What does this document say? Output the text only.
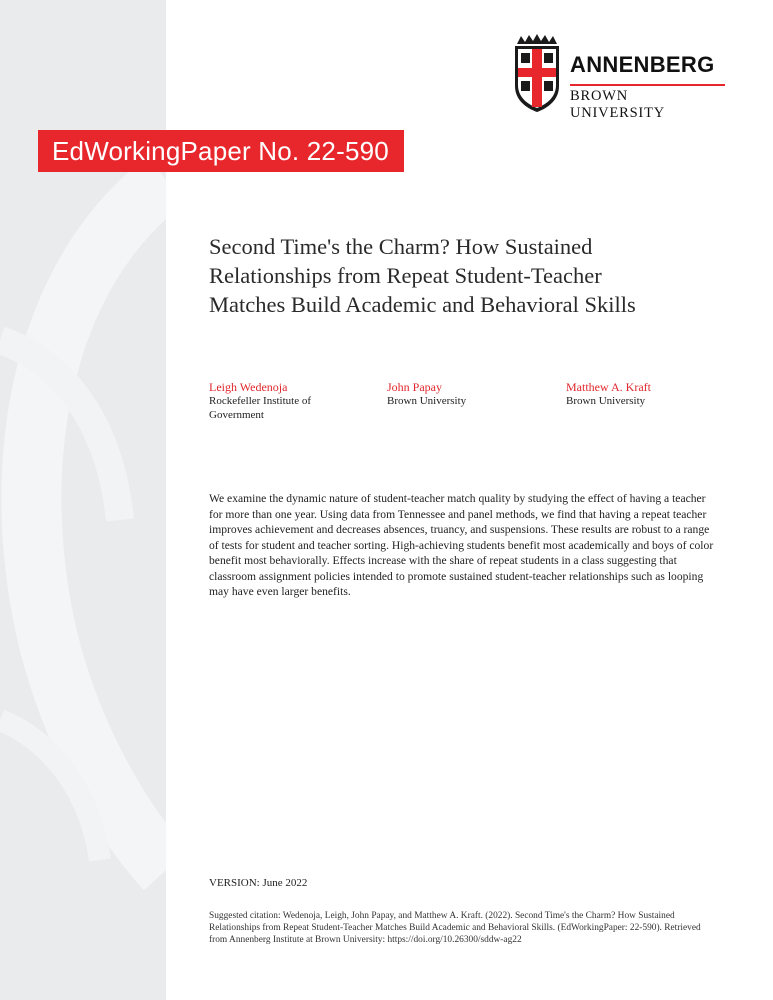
ANNENBERG
BROWN UNIVERSITY
EdWorkingPaper No. 22-590
Second Time's the Charm? How Sustained
Relationships from Repeat Student-Teacher
Matches Build Academic and Behavioral Skills
Leigh Wedenoja
Rockefeller Institute of
Government
John Papay
Brown University
Matthew A. Kraft
Brown University
We examine the dynamic nature of student-teacher match quality by studying the effect of having a teacher
for more than one year. Using data from Tennessee and panel methods, we find that having a repeat teacher
improves achievement and decreases absences, truancy, and suspensions. These results are robust to a range
of tests for student and teacher sorting. High-achieving students benefit most academically and boys of color
benefit most behaviorally. Effects increase with the share of repeat students in a class suggesting that
classroom assignment policies intended to promote sustained student-teacher relationships such as looping
may have even larger benefits.
VERSION: June 2022
Suggested citation: Wedenoja, Leigh, John Papay, and Matthew A. Kraft. (2022). Second Time's the Charm? How Sustained
Relationships from Repeat Student-Teacher Matches Build Academic and Behavioral Skills. (EdWorkingPaper: 22-590). Retrieved
from Annenberg Institute at Brown University: https://doi.org/10.26300/sddw-ag22
